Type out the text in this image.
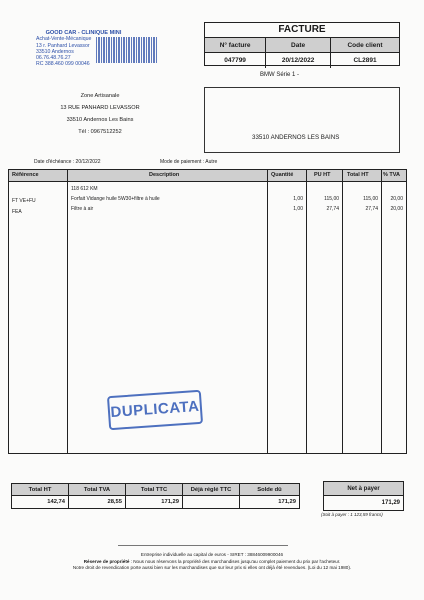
GOOD CAR - CLINIQUE MINI
Achat-Vente-Mécanique
13 r. Panhard Levassor
33510 Andernos
06.76.48.76.27
RC 388.460 099 00046
FACTURE
N° facture	Date	Code client
047799	20/12/2022	CL2891
BMW Série 1 -
33510 ANDERNOS LES BAINS
Zone Artisanale
13 RUE PANHARD LEVASSOR
33510 Andernos Les Bains
Tél : 0967512252
Date d'échéance : 20/12/2022	Mode de paiement : Autre
Référence	Description	Quantité	PU HT	Total HT	% TVA
118 612 KM
FT VE+FU	Forfait Vidange huile 5W30+filtre à huile	1,00	115,00	115,00	20,00
FEA	Filtre à air	1,00	27,74	27,74	20,00
DUPLICATA
Total HT	Total TVA	Total TTC	Déjà réglé TTC	Solde dû
142,74	28,55	171,29		171,29
Net à payer
171,29
(Soit à payer : 1 123,59 francs)
Entreprise individuelle au capital de euros - SIRET : 38846009900046
Réserve de propriété : Nous nous réservons la propriété des marchandises jusqu'au complet paiement du prix par l'acheteur.
Notre droit de revendication porte aussi bien sur les marchandises que sur leur prix si elles ont déjà été revendues. (Loi du 12 mai 1980).
